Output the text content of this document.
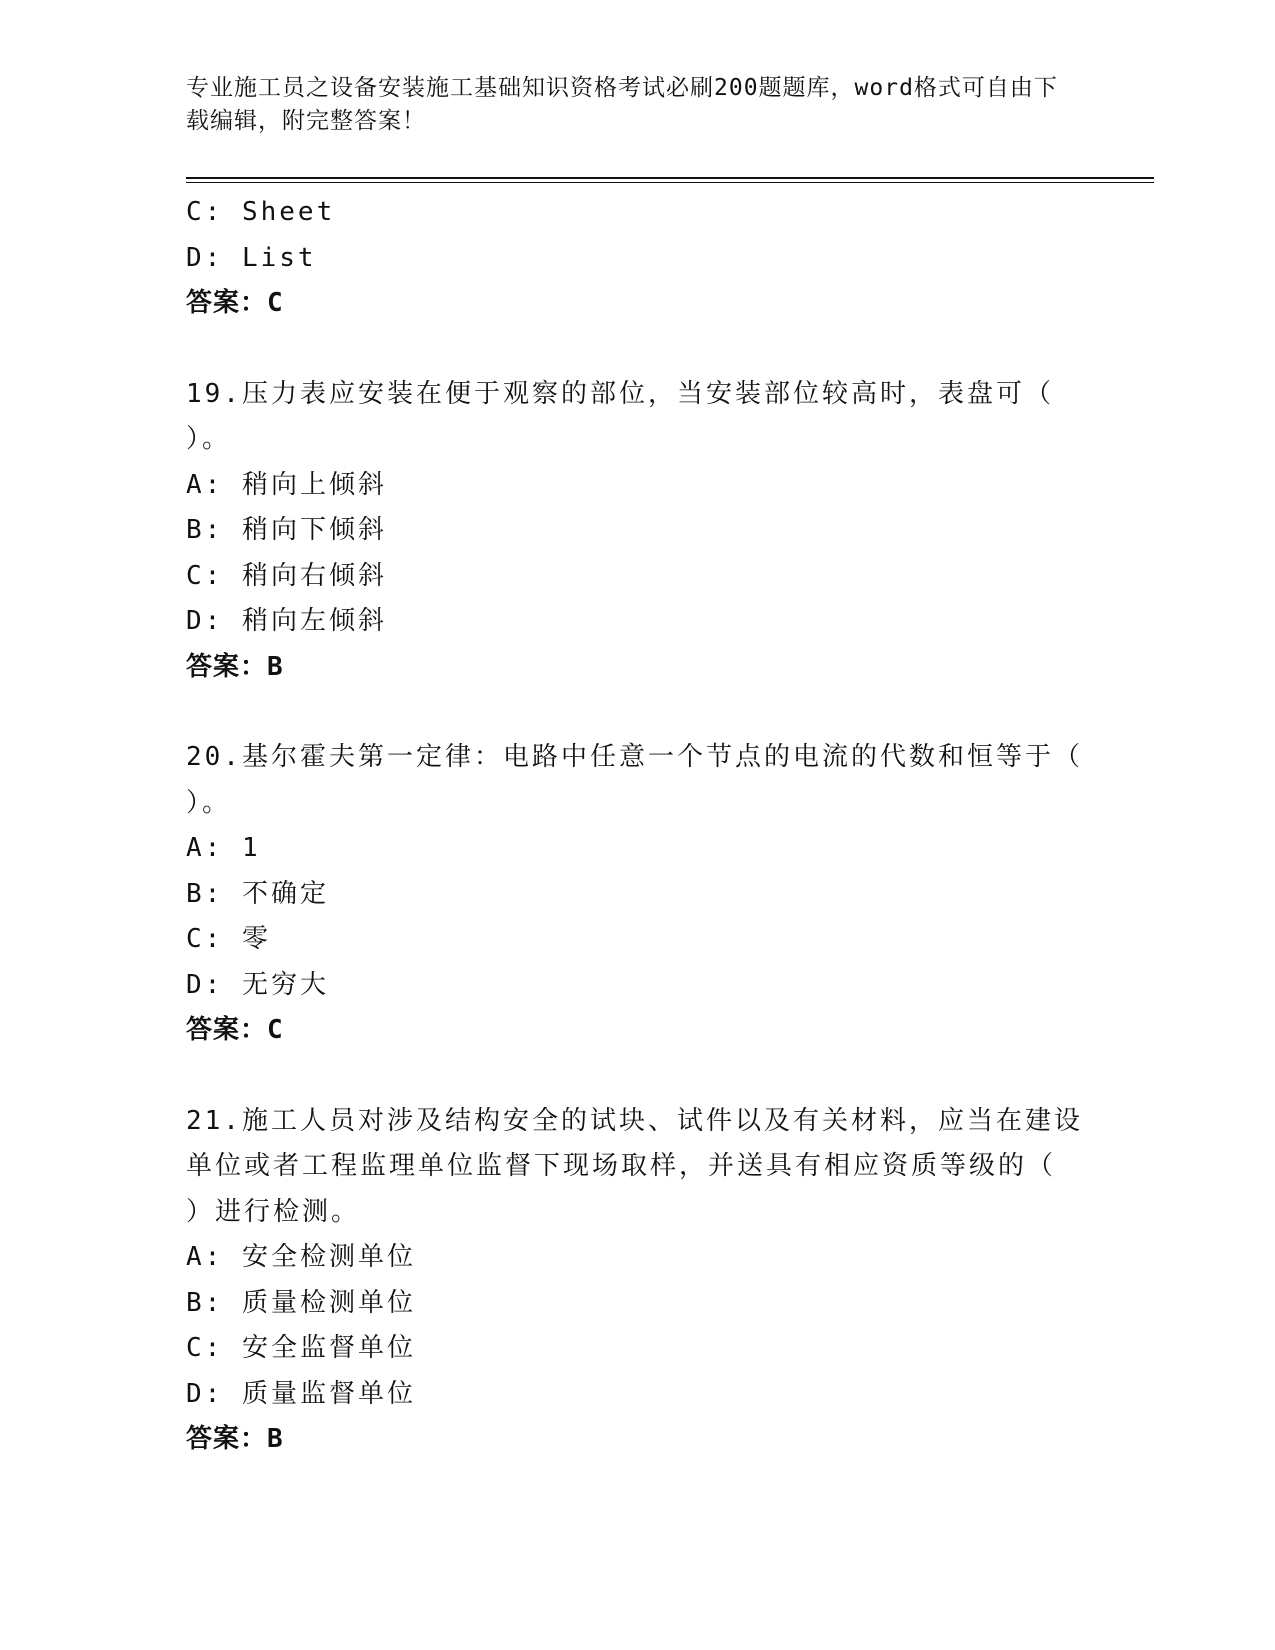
专业施工员之设备安装施工基础知识资格考试必刷200题题库，word格式可自由下载编辑，附完整答案！

C: Sheet

D: List

答案：C

19.压力表应安装在便于观察的部位，当安装部位较高时，表盘可（

）。

A: 稍向上倾斜

B: 稍向下倾斜

C: 稍向右倾斜

D: 稍向左倾斜

答案：B

20.基尔霍夫第一定律：电路中任意一个节点的电流的代数和恒等于（

）。

A: 1

B: 不确定

C: 零

D: 无穷大

答案：C

21.施工人员对涉及结构安全的试块、试件以及有关材料，应当在建设

单位或者工程监理单位监督下现场取样，并送具有相应资质等级的（

）进行检测。

A: 安全检测单位

B: 质量检测单位

C: 安全监督单位

D: 质量监督单位

答案：B
